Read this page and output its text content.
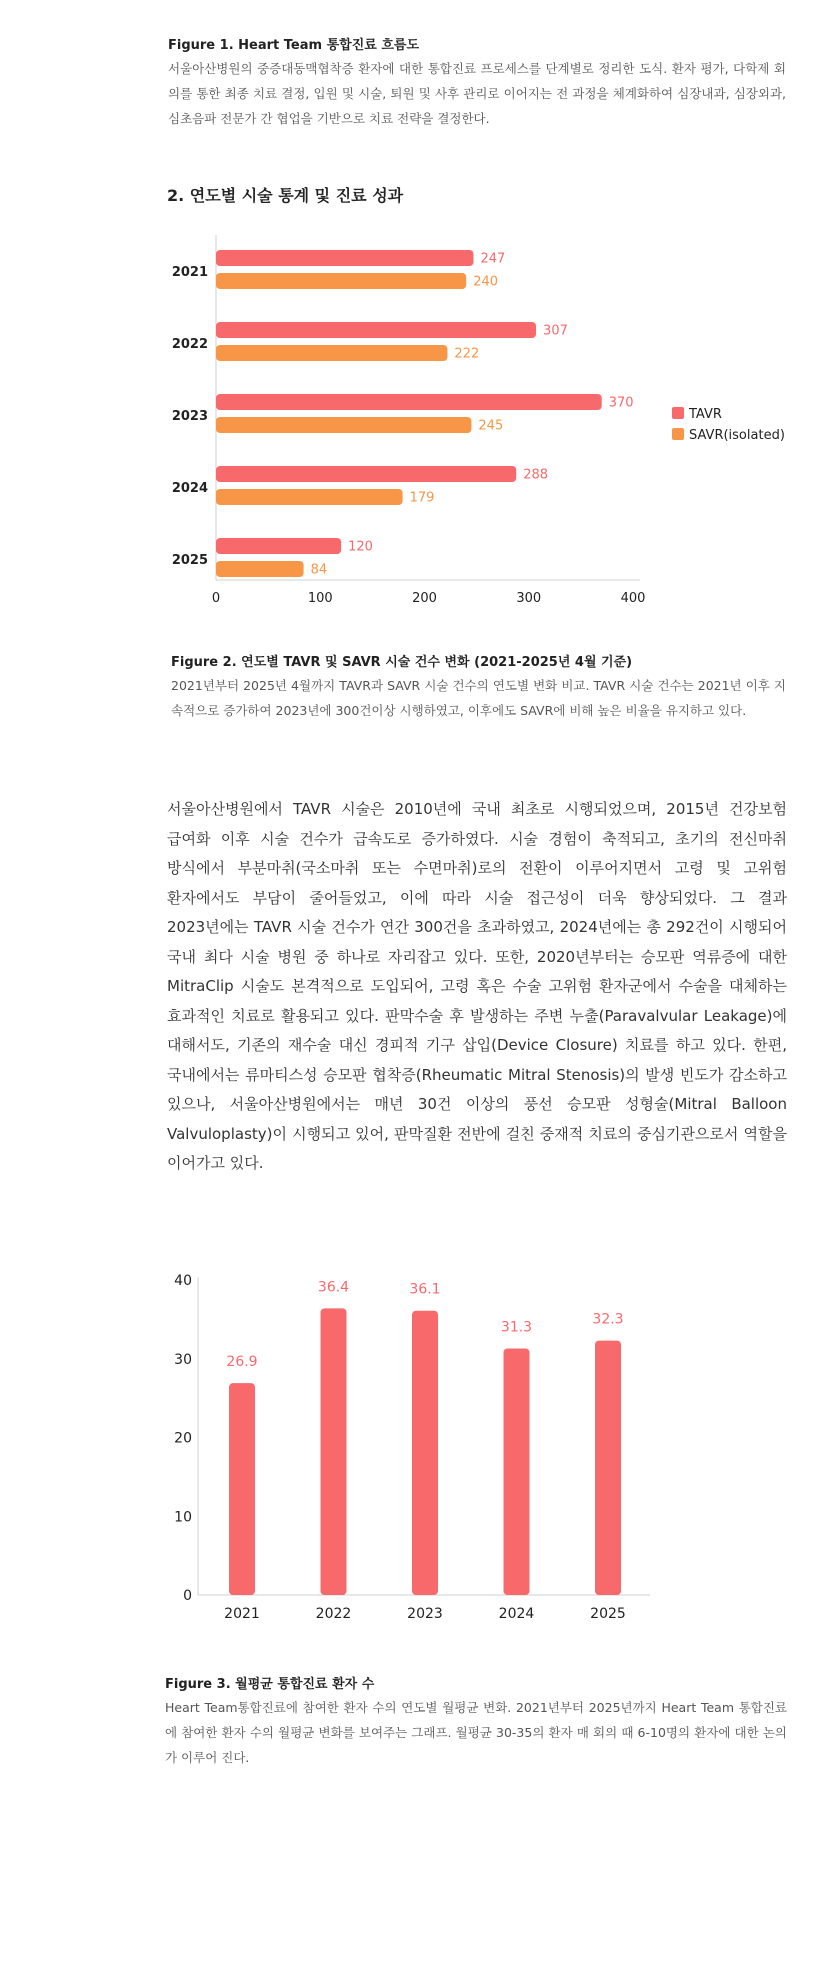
Figure 1. Heart Team 통합진료 흐름도
서울아산병원의 중증대동맥협착증 환자에 대한 통합진료 프로세스를 단계별로 정리한 도식. 환자 평가, 다학제 회의를 통한 최종 치료 결정, 입원 및 시술, 퇴원 및 사후 관리로 이어지는 전 과정을 체계화하여 심장내과, 심장외과, 심초음파 전문가 간 협업을 기반으로 치료 전략을 결정한다.
2. 연도별 시술 통계 및 진료 성과
0	100	200	300	400
2021
247
240
2022
307
222
2023
370
245
2024
288
179
2025
120
84
TAVR
SAVR(isolated)
Figure 2. 연도별 TAVR 및 SAVR 시술 건수 변화 (2021-2025년 4월 기준)
2021년부터 2025년 4월까지 TAVR과 SAVR 시술 건수의 연도별 변화 비교. TAVR 시술 건수는 2021년 이후 지속적으로 증가하여 2023년에 300건이상 시행하였고, 이후에도 SAVR에 비해 높은 비율을 유지하고 있다.
서울아산병원에서 TAVR 시술은 2010년에 국내 최초로 시행되었으며, 2015년 건강보험 급여화 이후 시술 건수가 급속도로 증가하였다. 시술 경험이 축적되고, 초기의 전신마취 방식에서 부분마취(국소마취 또는 수면마취)로의 전환이 이루어지면서 고령 및 고위험 환자에서도 부담이 줄어들었고, 이에 따라 시술 접근성이 더욱 향상되었다. 그 결과 2023년에는 TAVR 시술 건수가 연간 300건을 초과하였고, 2024년에는 총 292건이 시행되어 국내 최다 시술 병원 중 하나로 자리잡고 있다. 또한, 2020년부터는 승모판 역류증에 대한 MitraClip 시술도 본격적으로 도입되어, 고령 혹은 수술 고위험 환자군에서 수술을 대체하는 효과적인 치료로 활용되고 있다. 판막수술 후 발생하는 주변 누출(Paravalvular Leakage)에 대해서도, 기존의 재수술 대신 경피적 기구 삽입(Device Closure) 치료를 하고 있다. 한편, 국내에서는 류마티스성 승모판 협착증(Rheumatic Mitral Stenosis)의 발생 빈도가 감소하고 있으나, 서울아산병원에서는 매년 30건 이상의 풍선 승모판 성형술(Mitral Balloon Valvuloplasty)이 시행되고 있어, 판막질환 전반에 걸친 중재적 치료의 중심기관으로서 역할을 이어가고 있다.
0
10
20
30
40
26.9
2021
36.4
2022
36.1
2023
31.3
2024
32.3
2025
Figure 3. 월평균 통합진료 환자 수
Heart Team통합진료에 참여한 환자 수의 연도별 월평균 변화. 2021년부터 2025년까지 Heart Team 통합진료에 참여한 환자 수의 월평균 변화를 보여주는 그래프. 월평균 30-35의 환자 매 회의 때 6-10명의 환자에 대한 논의가 이루어 진다.
